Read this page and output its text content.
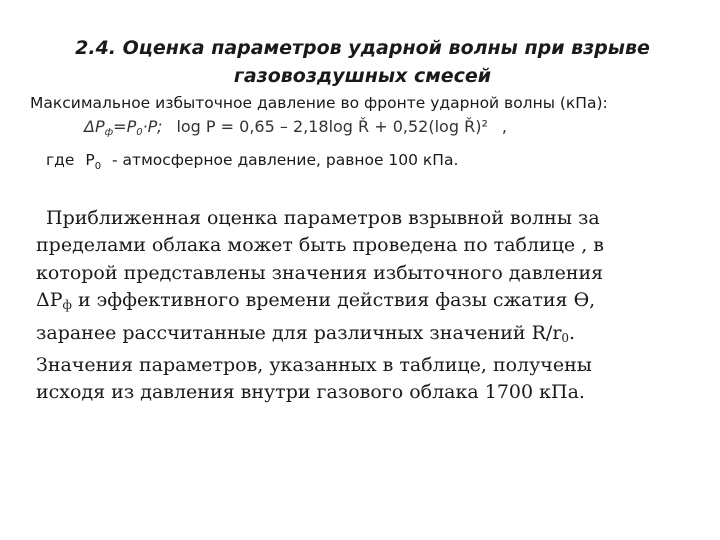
2.4. Оценка параметров ударной волны при взрыве
газовоздушных смесей
Максимальное избыточное давление во фронте ударной волны (кПа):
$\Delta P_ф=P_0\cdot P$; log P = 0,65 – 2,18log Ř + 0,52(log Ř)² ,
где $P_0$ - атмосферное давление, равное 100 кПа.
Приближенная оценка параметров взрывной волны за
пределами облака может быть проведена по таблице , в
которой представлены значения избыточного давления
$\Delta P_ф$ и эффективного времени действия фазы сжатия Ɵ,
заранее рассчитанные для различных значений $R/r_0$.
Значения параметров, указанных в таблице, получены
исходя из давления внутри газового облака 1700 кПа.
